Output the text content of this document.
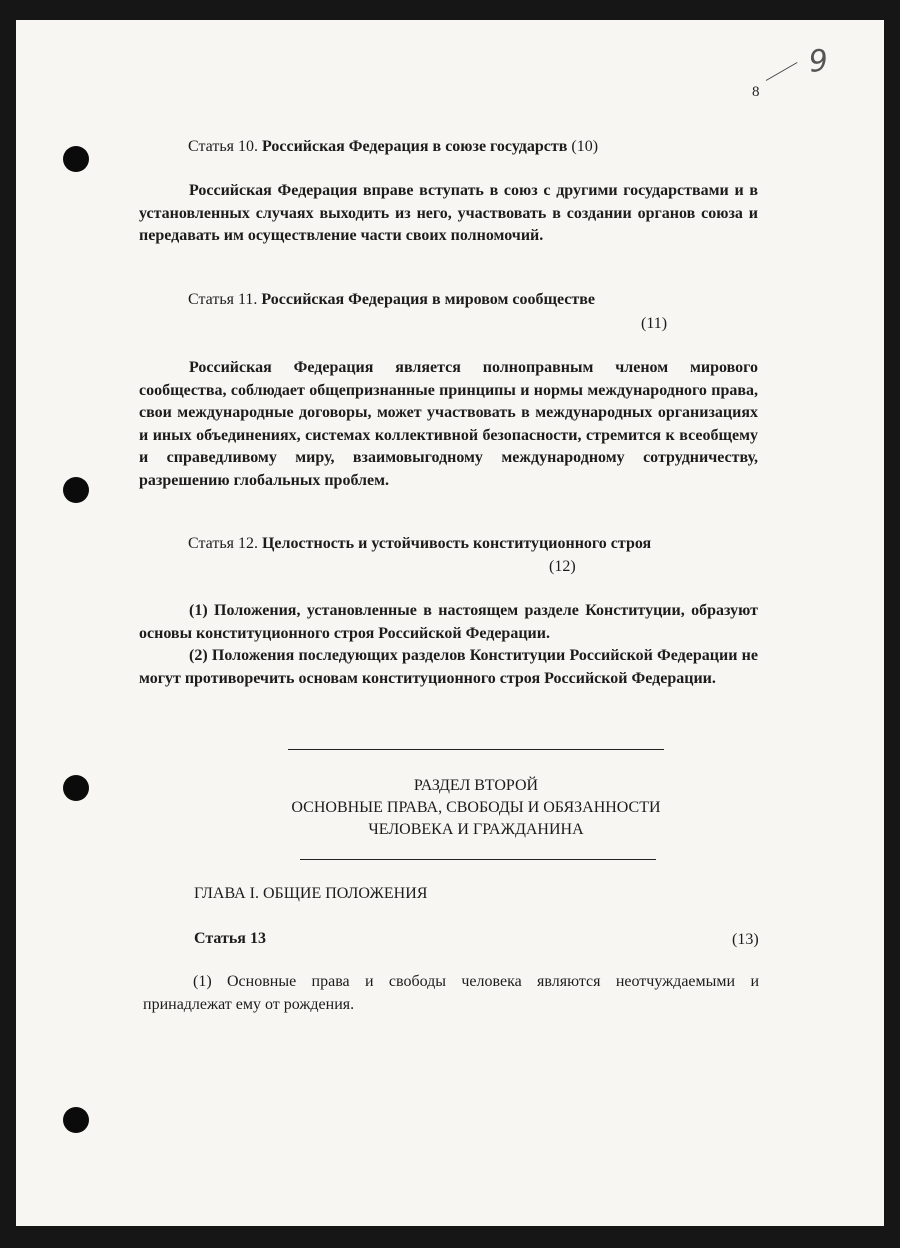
9
8
Статья 10. Российская Федерация в союзе государств (10)

Российская Федерация вправе вступать в союз с другими государствами и в установленных случаях выходить из него, участвовать в создании органов союза и передавать им осуществление части своих полномочий.

Статья 11. Российская Федерация в мировом сообществе
(11)

Российская Федерация является полноправным членом мирового сообщества, соблюдает общепризнанные принципы и нормы международного права, свои международные договоры, может участвовать в международных организациях и иных объединениях, системах коллективной безопасности, стремится к всеобщему и справедливому миру, взаимовыгодному международному сотрудничеству, разрешению глобальных проблем.

Статья 12. Целостность и устойчивость конституционного строя
(12)

(1) Положения, установленные в настоящем разделе Конституции, образуют основы конституционного строя Российской Федерации.

(2) Положения последующих разделов Конституции Российской Федерации не могут противоречить основам конституционного строя Российской Федерации.

РАЗДЕЛ ВТОРОЙ
ОСНОВНЫЕ ПРАВА, СВОБОДЫ И ОБЯЗАННОСТИ
ЧЕЛОВЕКА И ГРАЖДАНИНА
ГЛАВА I. ОБЩИЕ ПОЛОЖЕНИЯ
Статья 13	(13)

(1) Основные права и свободы человека являются неотчуждаемыми и принадлежат ему от рождения.
